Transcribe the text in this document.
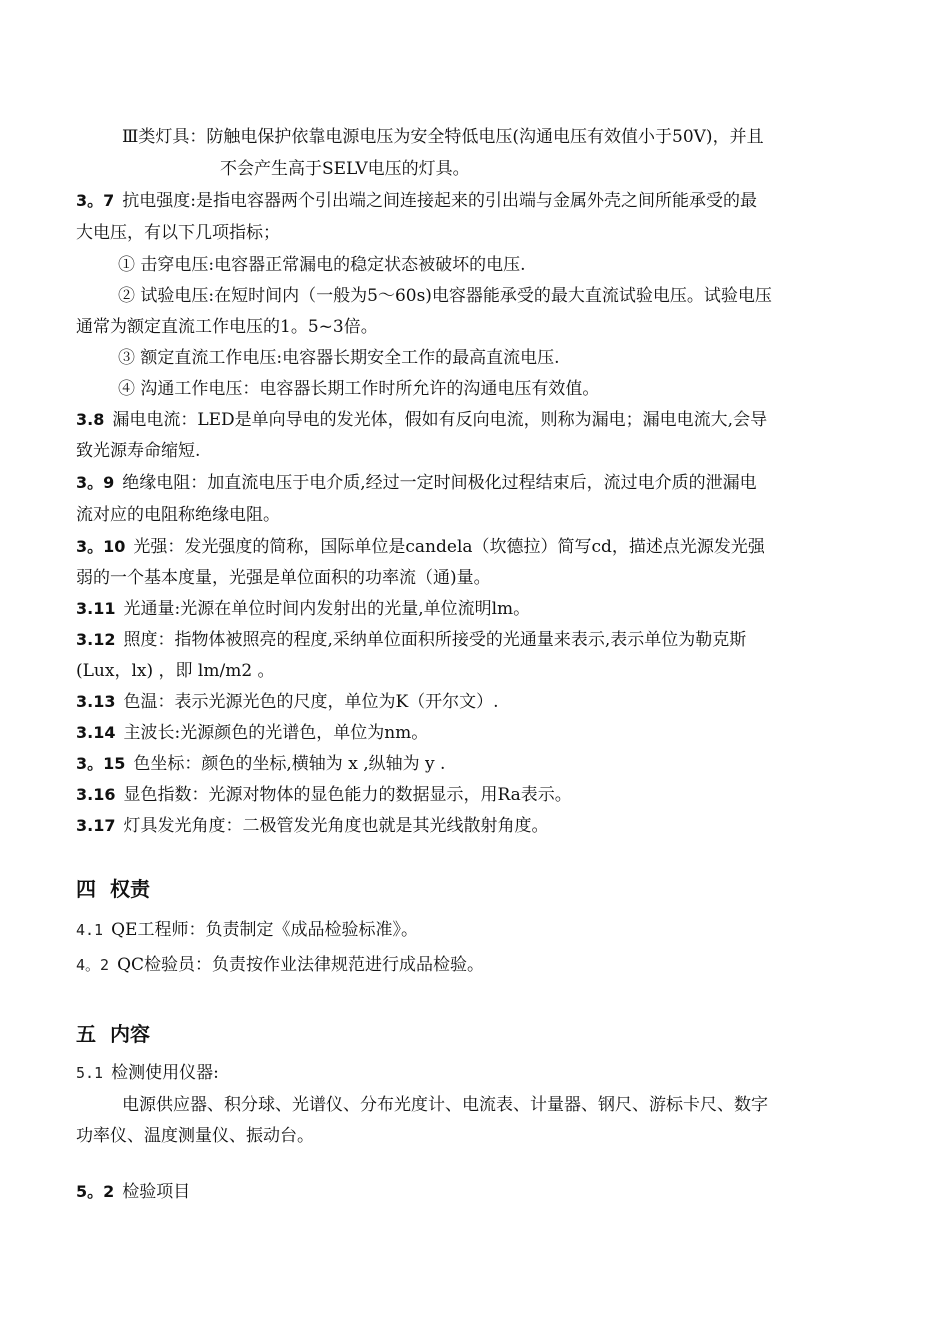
Ⅲ类灯具：防触电保护依靠电源电压为安全特低电压(沟通电压有效值小于50V)，并且
不会产生高于SELV电压的灯具。
3。7 抗电强度:是指电容器两个引出端之间连接起来的引出端与金属外壳之间所能承受的最
大电压，有以下几项指标；
① 击穿电压:电容器正常漏电的稳定状态被破坏的电压.
② 试验电压:在短时间内（一般为5～60s)电容器能承受的最大直流试验电压。试验电压
通常为额定直流工作电压的1。5~3倍。
③ 额定直流工作电压:电容器长期安全工作的最高直流电压.
④ 沟通工作电压：电容器长期工作时所允许的沟通电压有效值。
3.8 漏电电流：LED是单向导电的发光体，假如有反向电流，则称为漏电；漏电电流大,会导
致光源寿命缩短.
3。9 绝缘电阻：加直流电压于电介质,经过一定时间极化过程结束后，流过电介质的泄漏电
流对应的电阻称绝缘电阻。
3。10 光强：发光强度的简称，国际单位是candela（坎德拉）简写cd，描述点光源发光强
弱的一个基本度量，光强是单位面积的功率流（通)量。
3.11 光通量:光源在单位时间内发射出的光量,单位流明lm。
3.12 照度：指物体被照亮的程度,采纳单位面积所接受的光通量来表示,表示单位为勒克斯
(Lux，lx) ，即 lm/m2 。
3.13 色温：表示光源光色的尺度，单位为K（开尔文）.
3.14 主波长:光源颜色的光谱色，单位为nm。
3。15 色坐标：颜色的坐标,横轴为 x ,纵轴为 y .
3.16 显色指数：光源对物体的显色能力的数据显示，用Ra表示。
3.17 灯具发光角度：二极管发光角度也就是其光线散射角度。
四 权责
4.1 QE工程师：负责制定《成品检验标准》。
4。2 QC检验员：负责按作业法律规范进行成品检验。
五 内容
5.1 检测使用仪器:
电源供应器、积分球、光谱仪、分布光度计、电流表、计量器、钢尺、游标卡尺、数字
功率仪、温度测量仪、振动台。
5。2 检验项目
